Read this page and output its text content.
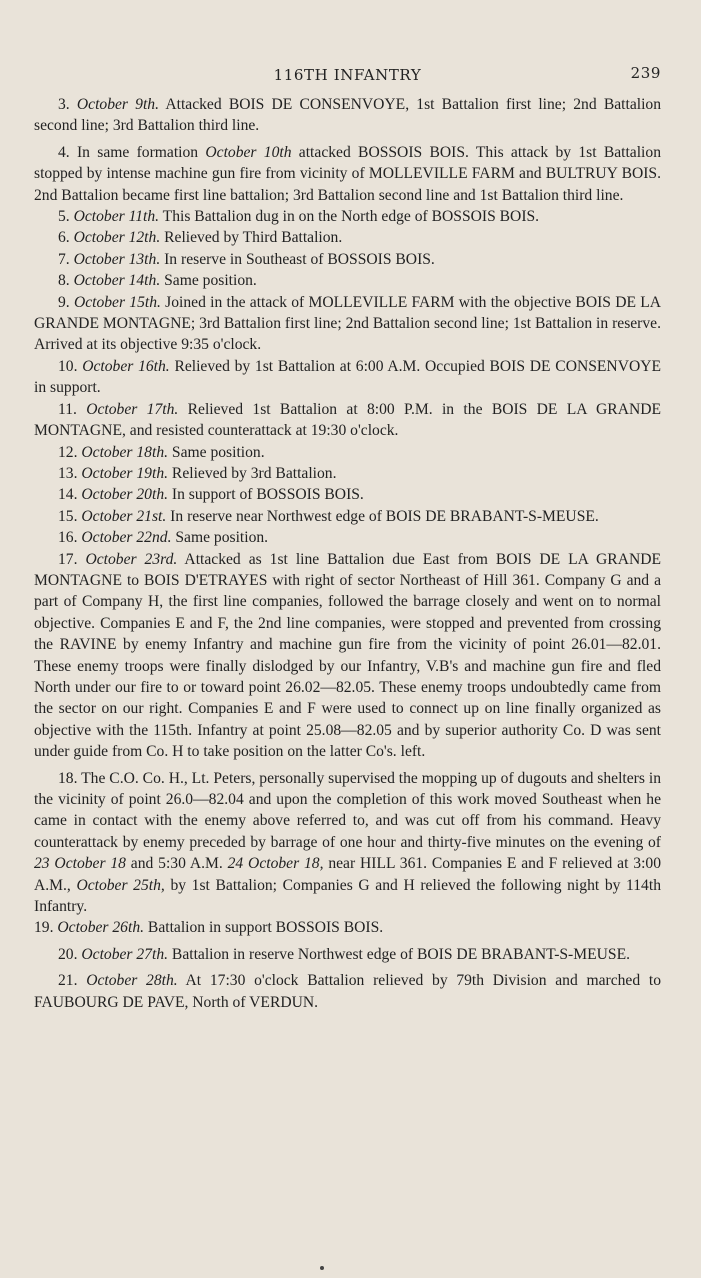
116TH INFANTRY	239

3. October 9th. Attacked BOIS DE CONSENVOYE, 1st Battalion first line; 2nd Battalion second line; 3rd Battalion third line.

4. In same formation October 10th attacked BOSSOIS BOIS. This attack by 1st Battalion stopped by intense machine gun fire from vicinity of MOLLEVILLE FARM and BULTRUY BOIS. 2nd Battalion became first line battalion; 3rd Battalion second line and 1st Battalion third line.

5. October 11th. This Battalion dug in on the North edge of BOSSOIS BOIS.

6. October 12th. Relieved by Third Battalion.

7. October 13th. In reserve in Southeast of BOSSOIS BOIS.

8. October 14th. Same position.

9. October 15th. Joined in the attack of MOLLEVILLE FARM with the objective BOIS DE LA GRANDE MONTAGNE; 3rd Battalion first line; 2nd Battalion second line; 1st Battalion in reserve. Arrived at its objective 9:35 o'clock.

10. October 16th. Relieved by 1st Battalion at 6:00 A.M. Occupied BOIS DE CONSENVOYE in support.

11. October 17th. Relieved 1st Battalion at 8:00 P.M. in the BOIS DE LA GRANDE MONTAGNE, and resisted counterattack at 19:30 o'clock.

12. October 18th. Same position.

13. October 19th. Relieved by 3rd Battalion.

14. October 20th. In support of BOSSOIS BOIS.

15. October 21st. In reserve near Northwest edge of BOIS DE BRABANT-S-MEUSE.

16. October 22nd. Same position.

17. October 23rd. Attacked as 1st line Battalion due East from BOIS DE LA GRANDE MONTAGNE to BOIS D'ETRAYES with right of sector Northeast of Hill 361. Company G and a part of Company H, the first line companies, followed the barrage closely and went on to normal objective. Companies E and F, the 2nd line companies, were stopped and prevented from crossing the RAVINE by enemy Infantry and machine gun fire from the vicinity of point 26.01—82.01. These enemy troops were finally dislodged by our Infantry, V.B's and machine gun fire and fled North under our fire to or toward point 26.02—82.05. These enemy troops undoubtedly came from the sector on our right. Companies E and F were used to connect up on line finally organized as objective with the 115th. Infantry at point 25.08—82.05 and by superior authority Co. D was sent under guide from Co. H to take position on the latter Co's. left.

18. The C.O. Co. H., Lt. Peters, personally supervised the mopping up of dugouts and shelters in the vicinity of point 26.0—82.04 and upon the completion of this work moved Southeast when he came in contact with the enemy above referred to, and was cut off from his command. Heavy counterattack by enemy preceded by barrage of one hour and thirty-five minutes on the evening of 23 October 18 and 5:30 A.M. 24 October 18, near HILL 361. Companies E and F relieved at 3:00 A.M., October 25th, by 1st Battalion; Companies G and H relieved the following night by 114th Infantry.

19. October 26th. Battalion in support BOSSOIS BOIS.

20. October 27th. Battalion in reserve Northwest edge of BOIS DE BRABANT-S-MEUSE.

21. October 28th. At 17:30 o'clock Battalion relieved by 79th Division and marched to FAUBOURG DE PAVE, North of VERDUN.
